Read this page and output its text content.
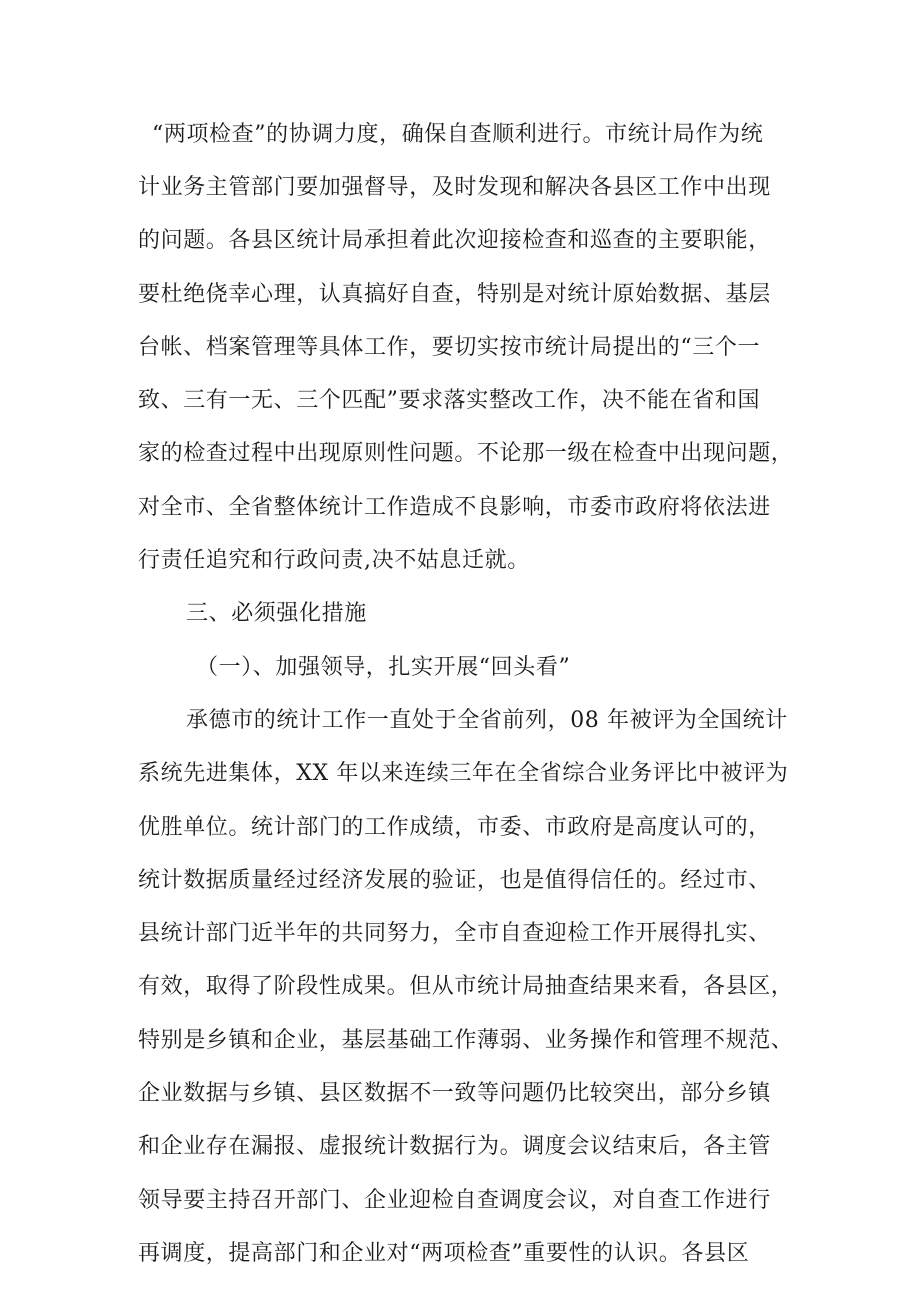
“两项检查”的协调力度，确保自查顺利进行。市统计局作为统
计业务主管部门要加强督导，及时发现和解决各县区工作中出现
的问题。各县区统计局承担着此次迎接检查和巡查的主要职能，
要杜绝侥幸心理，认真搞好自查，特别是对统计原始数据、基层
台帐、档案管理等具体工作，要切实按市统计局提出的“三个一
致、三有一无、三个匹配”要求落实整改工作，决不能在省和国
家的检查过程中出现原则性问题。不论那一级在检查中出现问题，
对全市、全省整体统计工作造成不良影响，市委市政府将依法进
行责任追究和行政问责,决不姑息迁就。
三、必须强化措施
（一）、加强领导，扎实开展“回头看”
承德市的统计工作一直处于全省前列，08 年被评为全国统计
系统先进集体，XX 年以来连续三年在全省综合业务评比中被评为
优胜单位。统计部门的工作成绩，市委、市政府是高度认可的，
统计数据质量经过经济发展的验证，也是值得信任的。经过市、
县统计部门近半年的共同努力，全市自查迎检工作开展得扎实、
有效，取得了阶段性成果。但从市统计局抽查结果来看，各县区，
特别是乡镇和企业，基层基础工作薄弱、业务操作和管理不规范、
企业数据与乡镇、县区数据不一致等问题仍比较突出，部分乡镇
和企业存在漏报、虚报统计数据行为。调度会议结束后，各主管
领导要主持召开部门、企业迎检自查调度会议，对自查工作进行
再调度，提高部门和企业对“两项检查”重要性的认识。各县区
